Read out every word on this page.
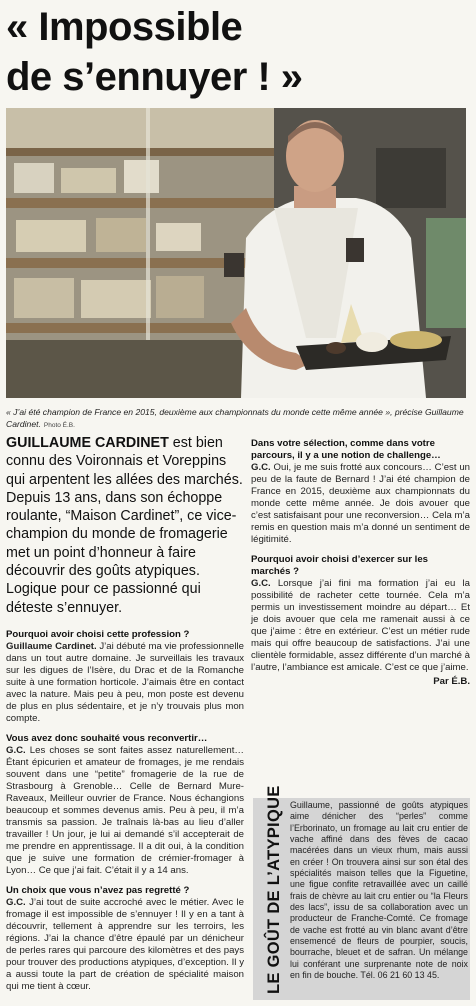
« Impossible
de s’ennuyer ! »

« J’ai été champion de France en 2015, deuxième aux championnats du monde cette même année », précise Guillaume Cardinet. Photo É.B.

GUILLAUME CARDINET est bien connu des Voironnais et Voreppins qui arpentent les allées des marchés. Depuis 13 ans, dans son échoppe roulante, “Maison Cardinet”, ce vice-champion du monde de fromagerie met un point d’honneur à faire découvrir des goûts atypiques. Logique pour ce passionné qui déteste s’ennuyer.

Pourquoi avoir choisi cette profession ?

Guillaume Cardinet. J’ai débuté ma vie professionnelle dans un tout autre domaine. Je surveillais les travaux sur les digues de l’Isère, du Drac et de la Romanche suite à une formation horticole. J’aimais être en contact avec la nature. Mais peu à peu, mon poste est devenu de plus en plus sédentaire, et je n’y trouvais plus mon compte.

Vous avez donc souhaité vous reconvertir…

G.C. Les choses se sont faites assez naturellement… Étant épicurien et amateur de fromages, je me rendais souvent dans une “petite” fromagerie de la rue de Strasbourg à Grenoble… Celle de Bernard Mure-Raveaux, Meilleur ouvrier de France. Nous échangions beaucoup et sommes devenus amis. Peu à peu, il m’a transmis sa passion. Je traînais là-bas au lieu d’aller travailler ! Un jour, je lui ai demandé s’il accepterait de me prendre en apprentissage. Il a dit oui, à la condition que je suive une formation de crémier-fromager à Lyon… Ce que j’ai fait. C’était il y a 14 ans.

Un choix que vous n’avez pas regretté ?

G.C. J’ai tout de suite accroché avec le métier. Avec le fromage il est impossible de s’ennuyer ! Il y en a tant à découvrir, tellement à apprendre sur les terroirs, les régions. J’ai la chance d’être épaulé par un dénicheur de perles rares qui parcoure des kilomètres et des pays pour trouver des productions atypiques, d’exception. Il y a aussi toute la part de création de spécialité maison qui me tient à cœur.

Dans votre sélection, comme dans votre parcours, il y a une notion de challenge…

G.C. Oui, je me suis frotté aux concours… C’est un peu de la faute de Bernard ! J’ai été champion de France en 2015, deuxième aux championnats du monde cette même année. Je dois avouer que c’est satisfaisant pour une reconversion… Cela m’a remis en question mais m’a donné un sentiment de légitimité.

Pourquoi avoir choisi d’exercer sur les marchés ?

G.C. Lorsque j’ai fini ma formation j’ai eu la possibilité de racheter cette tournée. Cela m’a permis un investissement moindre au départ… Et je dois avouer que cela me ramenait aussi à ce que j’aime : être en extérieur. C’est un métier rude mais qui offre beaucoup de satisfactions. J’ai une clientèle formidable, assez différente d’un marché à l’autre, l’ambiance est amicale. C’est ce que j’aime.

Par É.B.

LE GOÛT DE L’ATYPIQUE Guillaume, passionné de goûts atypiques aime dénicher des “perles” comme l’Erborinato, un fromage au lait cru entier de vache affiné dans des fèves de cacao macérées dans un vieux rhum, mais aussi en créer ! On trouvera ainsi sur son étal des spécialités maison telles que la Figuetine, une figue confite retravaillée avec un caillé frais de chèvre au lait cru entier ou “la Fleurs des lacs”, issu de sa collaboration avec un producteur de Franche-Comté. Ce fromage de vache est frotté au vin blanc avant d’être ensemencé de fleurs de pourpier, soucis, bourrache, bleuet et de safran. Un mélange lui conférant une surprenante note de noix en fin de bouche. Tél. 06 21 60 13 45.
